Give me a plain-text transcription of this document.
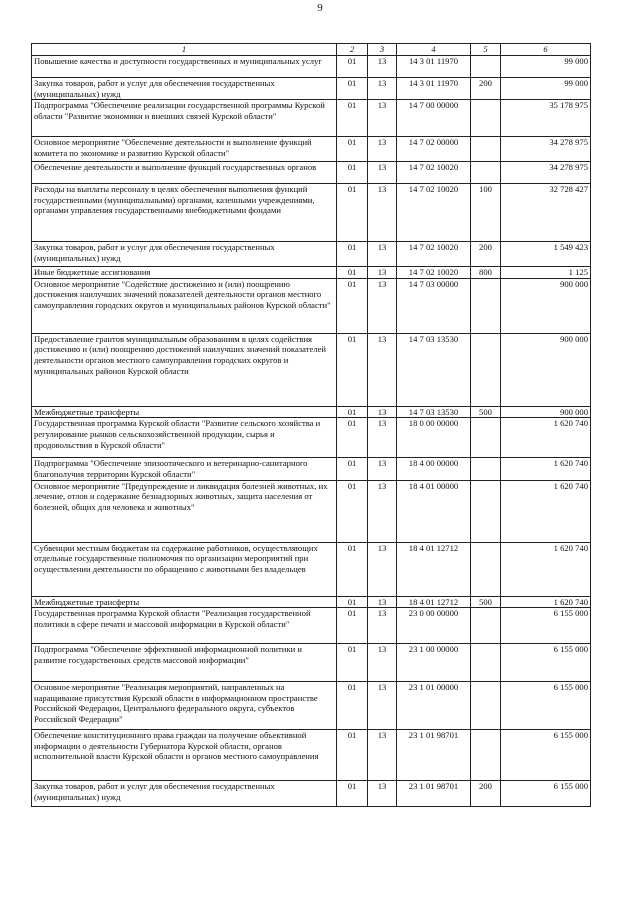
9
1	2	3	4	5	6
Повышение качества и доступности государственных и муниципальных услуг	01	13	14 3 01 11970		99 000
Закупка товаров, работ и услуг для обеспечения государственных (муниципальных) нужд	01	13	14 3 01 11970	200	99 000
Подпрограмма "Обеспечение реализации государственной программы Курской области "Развитие экономики и внешних связей Курской области"	01	13	14 7 00 00000		35 178 975
Основное мероприятие "Обеспечение деятельности и выполнение функций комитета по экономике и развитию Курской области"	01	13	14 7 02 00000		34 278 975
Обеспечение деятельности и выполнение функций государственных органов	01	13	14 7 02 10020		34 278 975
Расходы на выплаты персоналу в целях обеспечения выполнения функций государственными (муниципальными) органами, казенными учреждениями, органами управления государственными внебюджетными фондами	01	13	14 7 02 10020	100	32 728 427
Закупка товаров, работ и услуг для обеспечения государственных (муниципальных) нужд	01	13	14 7 02 10020	200	1 549 423
Иные бюджетные ассигнования	01	13	14 7 02 10020	800	1 125
Основное мероприятие "Содействие достижению и (или) поощрению достижения наилучших значений показателей деятельности органов местного самоуправления городских округов и муниципальных районов Курской области"	01	13	14 7 03 00000		900 000
Предоставление грантов муниципальным образованиям в целях содействия достижению и (или) поощрению достижений наилучших значений показателей деятельности органов местного самоуправления городских округов и муниципальных районов Курской области	01	13	14 7 03 13530		900 000
Межбюджетные трансферты	01	13	14 7 03 13530	500	900 000
Государственная программа Курской области "Развитие сельского хозяйства и регулирование рынков сельскохозяйственной продукции, сырья и продовольствия в Курской области"	01	13	18 0 00 00000		1 620 740
Подпрограмма "Обеспечение эпизоотического и ветеринарно-санитарного благополучия территории Курской области"	01	13	18 4 00 00000		1 620 740
Основное мероприятие "Предупреждение и ликвидация болезней животных, их лечение, отлов и содержание безнадзорных животных, защита населения от болезней, общих для человека и животных"	01	13	18 4 01 00000		1 620 740
Субвенции местным бюджетам на содержание работников, осуществляющих отдельные государственные полномочия по организации мероприятий при осуществлении деятельности по обращению с животными без владельцев	01	13	18 4 01 12712		1 620 740
Межбюджетные трансферты	01	13	18 4 01 12712	500	1 620 740
Государственная программа Курской области "Реализация государственной политики в сфере печати и массовой информации в Курской области"	01	13	23 0 00 00000		6 155 000
Подпрограмма "Обеспечение эффективной информационной политики и развитие государственных средств массовой информации"	01	13	23 1 00 00000		6 155 000
Основное мероприятие "Реализация мероприятий, направленных на наращивание присутствия Курской области в информационном пространстве Российской Федерации, Центрального федерального округа, субъектов Российской Федерации"	01	13	23 1 01 00000		6 155 000
Обеспечение конституционного права граждан на получение объективной информации о деятельности Губернатора Курской области, органов исполнительной власти Курской области и органов местного самоуправления	01	13	23 1 01 98701		6 155 000
Закупка товаров, работ и услуг для обеспечения государственных (муниципальных) нужд	01	13	23 1 01 98701	200	6 155 000
